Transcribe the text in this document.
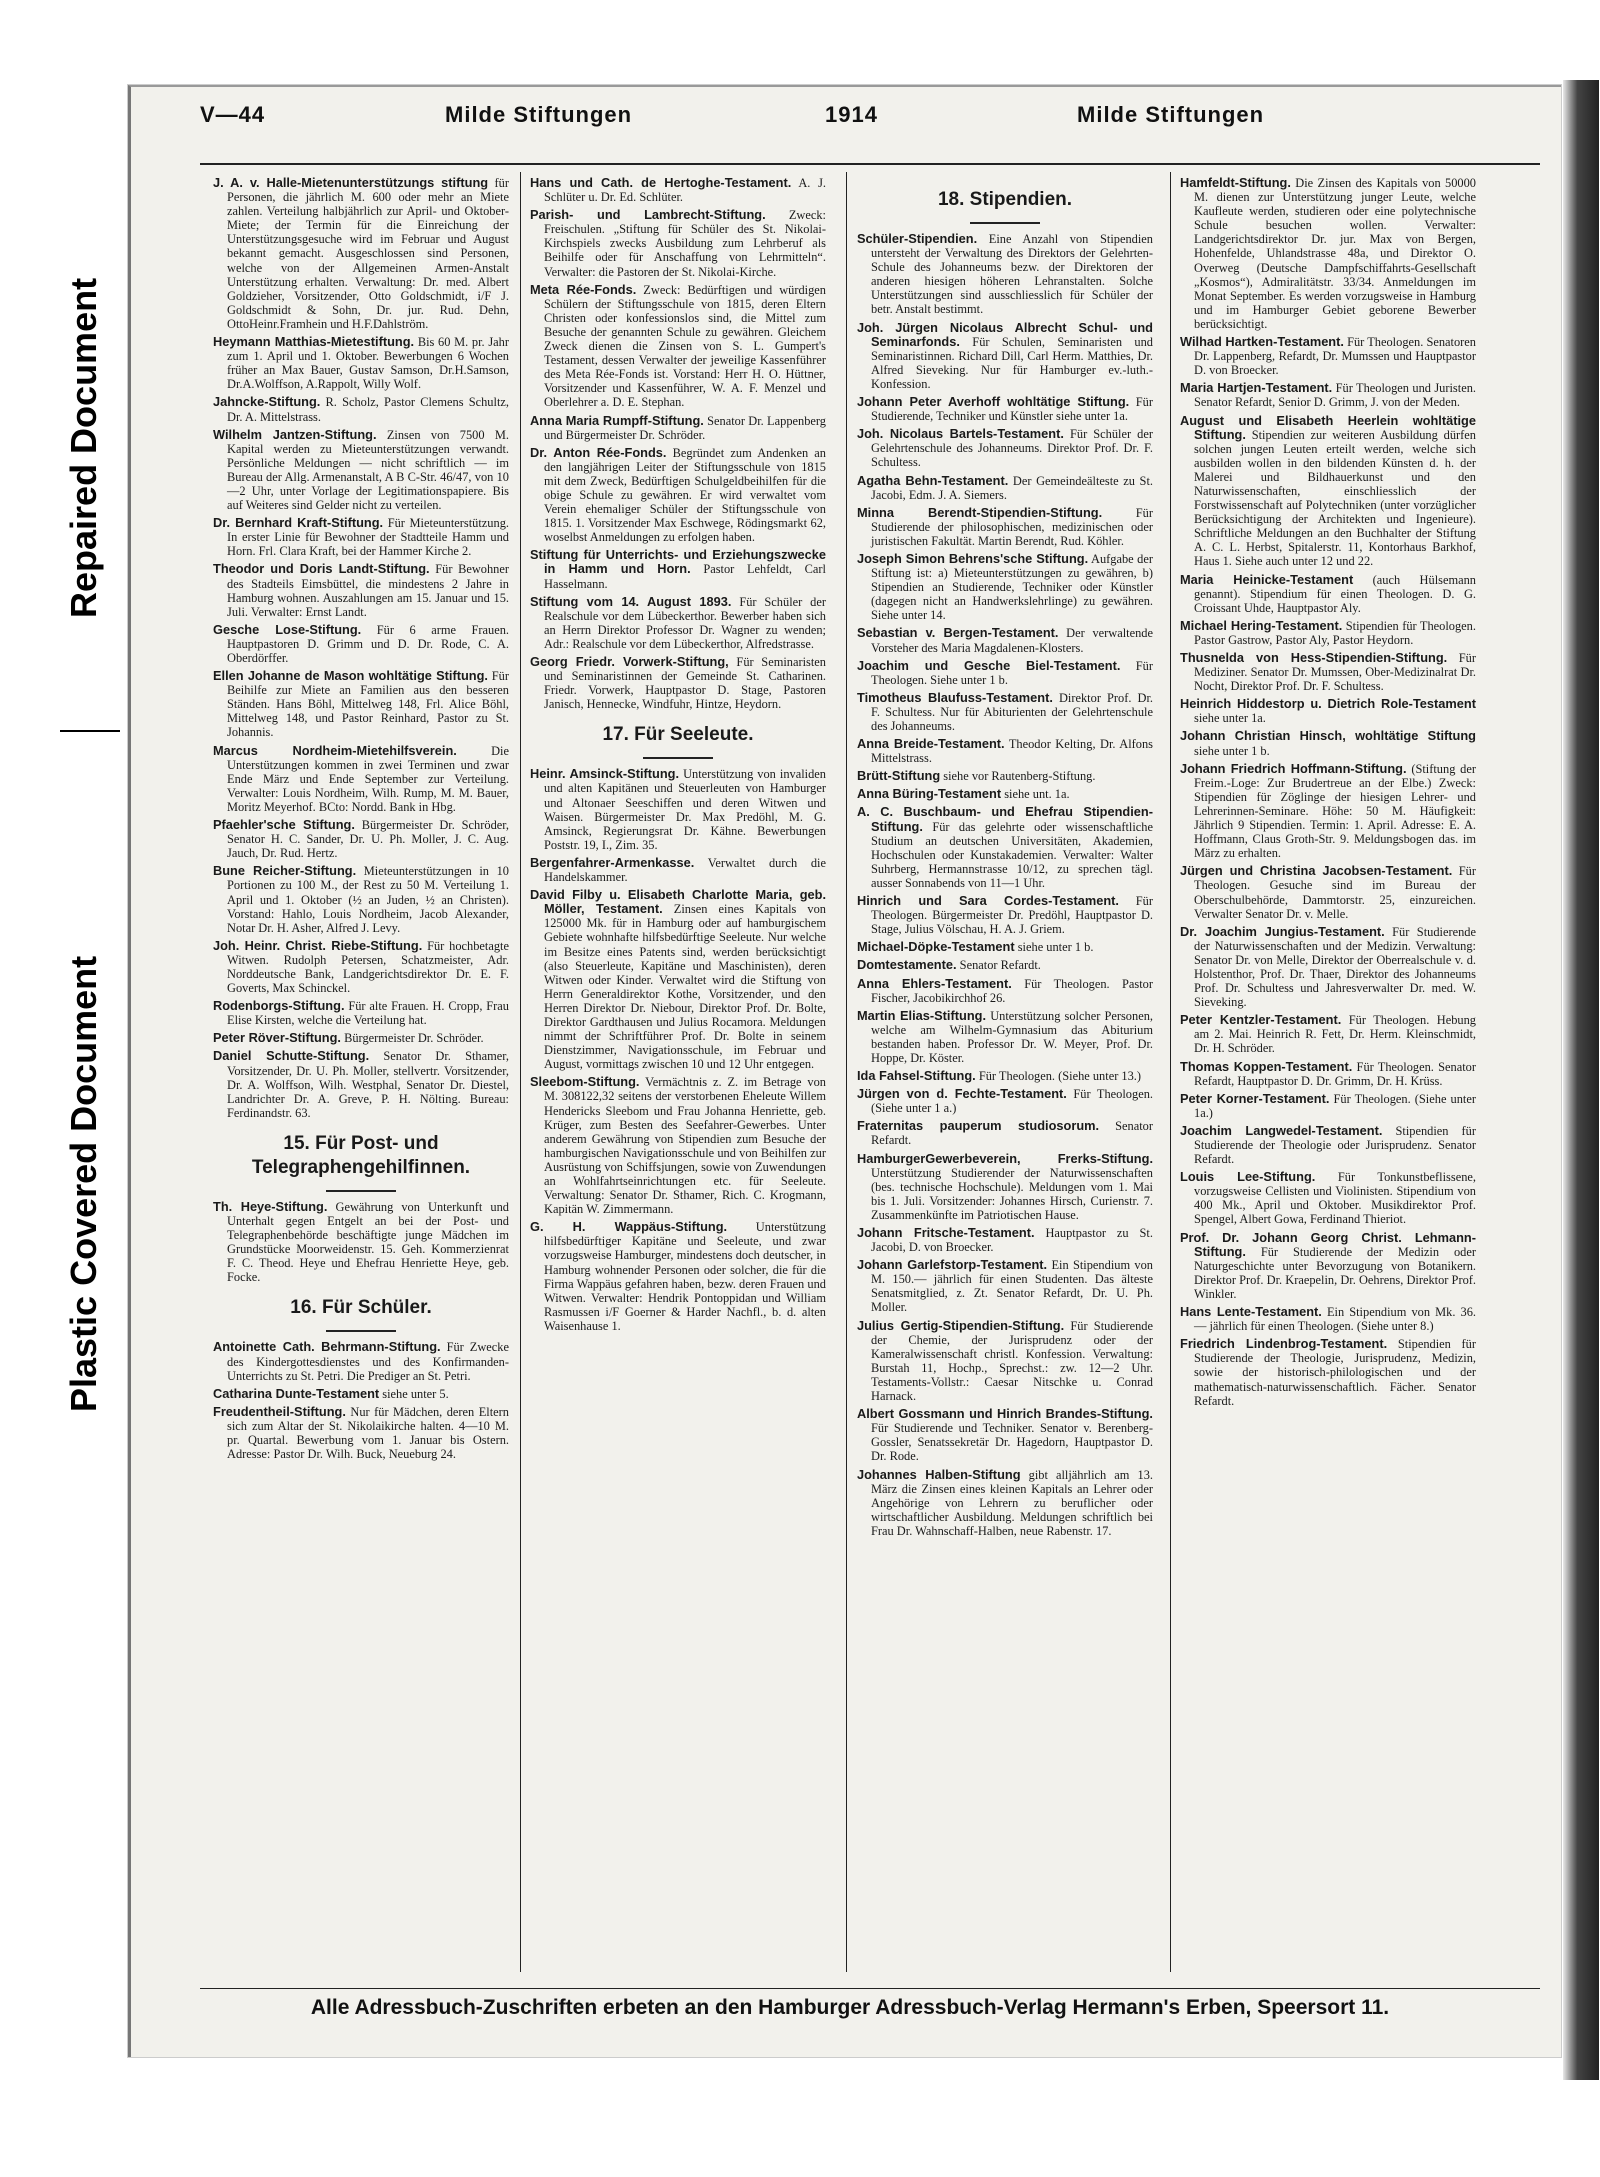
Repaired Document
Plastic Covered Document
V—44	Milde Stiftungen	1914	Milde Stiftungen
J. A. v. Halle-Mietenunterstützungs stiftung für Personen, die jährlich M. 600 oder mehr an Miete zahlen. Verteilung halbjährlich zur April- und Oktober-Miete; der Termin für die Einreichung der Unterstützungsgesuche wird im Februar und August bekannt gemacht. Ausgeschlossen sind Personen, welche von der Allgemeinen Armen-Anstalt Unterstützung erhalten. Verwaltung: Dr. med. Albert Goldzieher, Vorsitzender, Otto Goldschmidt, i/F J. Goldschmidt & Sohn, Dr. jur. Rud. Dehn, OttoHeinr.Framhein und H.F.Dahlström.
Heymann Matthias-Mietestiftung. Bis 60 M. pr. Jahr zum 1. April und 1. Oktober. Bewerbungen 6 Wochen früher an Max Bauer, Gustav Samson, Dr.H.Samson, Dr.A.Wolffson, A.Rappolt, Willy Wolf.
Jahncke-Stiftung. R. Scholz, Pastor Clemens Schultz, Dr. A. Mittelstrass.
Wilhelm Jantzen-Stiftung. Zinsen von 7500 M. Kapital werden zu Mieteunterstützungen verwandt. Persönliche Meldungen — nicht schriftlich — im Bureau der Allg. Armenanstalt, A B C-Str. 46/47, von 10—2 Uhr, unter Vorlage der Legitimationspapiere. Bis auf Weiteres sind Gelder nicht zu verteilen.
Dr. Bernhard Kraft-Stiftung. Für Mieteunterstützung. In erster Linie für Bewohner der Stadtteile Hamm und Horn. Frl. Clara Kraft, bei der Hammer Kirche 2.
Theodor und Doris Landt-Stiftung. Für Bewohner des Stadteils Eimsbüttel, die mindestens 2 Jahre in Hamburg wohnen. Auszahlungen am 15. Januar und 15. Juli. Verwalter: Ernst Landt.
Gesche Lose-Stiftung. Für 6 arme Frauen. Hauptpastoren D. Grimm und D. Dr. Rode, C. A. Oberdörffer.
Ellen Johanne de Mason wohltätige Stiftung. Für Beihilfe zur Miete an Familien aus den besseren Ständen. Hans Böhl, Mittelweg 148, Frl. Alice Böhl, Mittelweg 148, und Pastor Reinhard, Pastor zu St. Johannis.
Marcus Nordheim-Mietehilfsverein.	Die Unterstützungen kommen in zwei Terminen und zwar Ende März und Ende September zur Verteilung. Verwalter: Louis Nordheim, Wilh. Rump, M. M. Bauer, Moritz Meyerhof. BCto: Nordd. Bank in Hbg.
Pfaehler'sche Stiftung. Bürgermeister Dr. Schröder, Senator H. C. Sander, Dr. U. Ph. Moller, J. C. Aug. Jauch, Dr. Rud. Hertz.
Bune Reicher-Stiftung. Mieteunterstützungen in 10 Portionen zu 100 M., der Rest zu 50 M. Verteilung 1. April und 1. Oktober (½ an Juden, ½ an Christen). Vorstand: Hahlo, Louis Nordheim, Jacob Alexander, Notar Dr. H. Asher, Alfred J. Levy.
Joh. Heinr. Christ. Riebe-Stiftung. Für hochbetagte Witwen. Rudolph Petersen, Schatzmeister, Adr. Norddeutsche Bank, Landgerichtsdirektor Dr. E. F. Goverts, Max Schinckel.
Rodenborgs-Stiftung. Für alte Frauen. H. Cropp, Frau Elise Kirsten, welche die Verteilung hat.
Peter Röver-Stiftung. Bürgermeister Dr. Schröder.
Daniel Schutte-Stiftung. Senator Dr. Sthamer, Vorsitzender, Dr. U. Ph. Moller, stellvertr. Vorsitzender, Dr. A. Wolffson, Wilh. Westphal, Senator Dr. Diestel, Landrichter Dr. A. Greve, P. H. Nölting. Bureau: Ferdinandstr. 63.
15. Für Post- und Telegraphengehilfinnen.
Th. Heye-Stiftung. Gewährung von Unterkunft und Unterhalt gegen Entgelt an bei der Post- und Telegraphenbehörde beschäftigte junge Mädchen im Grundstücke Moorweidenstr. 15. Geh. Kommerzienrat F. C. Theod. Heye und Ehefrau Henriette Heye, geb. Focke.
16. Für Schüler.
Antoinette Cath. Behrmann-Stiftung. Für Zwecke des Kindergottesdienstes und des Konfirmanden-Unterrichts zu St. Petri. Die Prediger an St. Petri.
Catharina Dunte-Testament siehe unter 5.
Freudentheil-Stiftung. Nur für Mädchen, deren Eltern sich zum Altar der St. Nikolaikirche halten. 4—10 M. pr. Quartal. Bewerbung vom 1. Januar bis Ostern. Adresse: Pastor Dr. Wilh. Buck, Neueburg 24.
Hans und Cath. de Hertoghe-Testament. A. J. Schlüter u. Dr. Ed. Schlüter.
Parish- und Lambrecht-Stiftung. Zweck: Freischulen. „Stiftung für Schüler des St. Nikolai-Kirchspiels zwecks Ausbildung zum Lehrberuf als Beihilfe oder für Anschaffung von Lehrmitteln“. Verwalter: die Pastoren der St. Nikolai-Kirche.
Meta Rée-Fonds. Zweck: Bedürftigen und würdigen Schülern der Stiftungsschule von 1815, deren Eltern Christen oder konfessionslos sind, die Mittel zum Besuche der genannten Schule zu gewähren. Gleichem Zweck dienen die Zinsen von S. L. Gumpert's Testament, dessen Verwalter der jeweilige Kassenführer des Meta Rée-Fonds ist. Vorstand: Herr H. O. Hüttner, Vorsitzender und Kassenführer, W. A. F. Menzel und Oberlehrer a. D. E. Stephan.
Anna Maria Rumpff-Stiftung. Senator Dr. Lappenberg und Bürgermeister Dr. Schröder.
Dr. Anton Rée-Fonds. Begründet zum Andenken an den langjährigen Leiter der Stiftungsschule von 1815 mit dem Zweck, Bedürftigen Schulgeldbeihilfen für die obige Schule zu gewähren. Er wird verwaltet vom Verein ehemaliger Schüler der Stiftungsschule von 1815. 1. Vorsitzender Max Eschwege, Rödingsmarkt 62, woselbst Anmeldungen zu erfolgen haben.
Stiftung für Unterrichts- und Erziehungszwecke in Hamm und Horn. Pastor Lehfeldt, Carl Hasselmann.
Stiftung vom 14. August 1893. Für Schüler der Realschule vor dem Lübeckerthor. Bewerber haben sich an Herrn Direktor Professor Dr. Wagner zu wenden; Adr.: Realschule vor dem Lübeckerthor, Alfredstrasse.
Georg Friedr. Vorwerk-Stiftung, Für Seminaristen und Seminaristinnen der Gemeinde St. Catharinen. Friedr. Vorwerk, Hauptpastor D. Stage, Pastoren Janisch, Hennecke, Windfuhr, Hintze, Heydorn.
17. Für Seeleute.
Heinr. Amsinck-Stiftung. Unterstützung von invaliden und alten Kapitänen und Steuerleuten von Hamburger und Altonaer Seeschiffen und deren Witwen und Waisen. Bürgermeister Dr. Max Predöhl, M. G. Amsinck, Regierungsrat Dr. Kähne. Bewerbungen Poststr. 19, I., Zim. 35.
Bergenfahrer-Armenkasse. Verwaltet durch die Handelskammer.
David Filby u. Elisabeth Charlotte Maria, geb. Möller, Testament. Zinsen eines Kapitals von 125000 Mk. für in Hamburg oder auf hamburgischem Gebiete wohnhafte hilfsbedürftige Seeleute. Nur welche im Besitze eines Patents sind, werden berücksichtigt (also Steuerleute, Kapitäne und Maschinisten), deren Witwen oder Kinder. Verwaltet wird die Stiftung von Herrn Generaldirektor Kothe, Vorsitzender, und den Herren Direktor Dr. Niebour, Direktor Prof. Dr. Bolte, Direktor Gardthausen und Julius Rocamora. Meldungen nimmt der Schriftführer Prof. Dr. Bolte in seinem Dienstzimmer, Navigationsschule, im Februar und August, vormittags zwischen 10 und 12 Uhr entgegen.
Sleebom-Stiftung. Vermächtnis z. Z. im Betrage von M. 308122,32 seitens der verstorbenen Eheleute Willem Hendericks Sleebom und Frau Johanna Henriette, geb. Krüger, zum Besten des Seefahrer-Gewerbes. Unter anderem Gewährung von Stipendien zum Besuche der hamburgischen Navigationsschule und von Beihilfen zur Ausrüstung von Schiffsjungen, sowie von Zuwendungen an Wohlfahrtseinrichtungen etc. für Seeleute. Verwaltung: Senator Dr. Sthamer, Rich. C. Krogmann, Kapitän W. Zimmermann.
G. H. Wappäus-Stiftung. Unterstützung hilfsbedürftiger Kapitäne und Seeleute, und zwar vorzugsweise Hamburger, mindestens doch deutscher, in Hamburg wohnender Personen oder solcher, die für die Firma Wappäus gefahren haben, bezw. deren Frauen und Witwen. Verwalter: Hendrik Pontoppidan und William Rasmussen i/F Goerner & Harder Nachfl., b. d. alten Waisenhause 1.
18. Stipendien.
Schüler-Stipendien. Eine Anzahl von Stipendien untersteht der Verwaltung des Direktors der Gelehrten-Schule des Johanneums bezw. der Direktoren der anderen hiesigen höheren Lehranstalten. Solche Unterstützungen sind ausschliesslich für Schüler der betr. Anstalt bestimmt.
Joh. Jürgen Nicolaus Albrecht Schul- und Seminarfonds. Für Schulen, Seminaristen und Seminaristinnen. Richard Dill, Carl Herm. Matthies, Dr. Alfred Sieveking. Nur für Hamburger ev.-luth.-Konfession.
Johann Peter Averhoff wohltätige Stiftung. Für Studierende, Techniker und Künstler siehe unter 1a.
Joh. Nicolaus Bartels-Testament. Für Schüler der Gelehrtenschule des Johanneums. Direktor Prof. Dr. F. Schultess.
Agatha Behn-Testament. Der Gemeindeälteste zu St. Jacobi, Edm. J. A. Siemers.
Minna Berendt-Stipendien-Stiftung.	Für Studierende der philosophischen, medizinischen oder juristischen Fakultät. Martin Berendt, Rud. Köhler.
Joseph Simon Behrens'sche Stiftung. Aufgabe der Stiftung ist: a) Mieteunterstützungen zu gewähren, b) Stipendien an Studierende, Techniker oder Künstler (dagegen nicht an Handwerkslehrlinge) zu gewähren. Siehe unter 14.
Sebastian v. Bergen-Testament. Der verwaltende Vorsteher des Maria Magdalenen-Klosters.
Joachim und Gesche Biel-Testament. Für Theologen. Siehe unter 1 b.
Timotheus Blaufuss-Testament. Direktor Prof. Dr. F. Schultess. Nur für Abiturienten der Gelehrtenschule des Johanneums.
Anna Breide-Testament. Theodor Kelting, Dr. Alfons Mittelstrass.
Brütt-Stiftung siehe vor Rautenberg-Stiftung.
Anna Büring-Testament siehe unt. 1a.
A. C. Buschbaum- und Ehefrau Stipendien-Stiftung. Für das gelehrte oder wissenschaftliche Studium an deutschen Universitäten, Akademien, Hochschulen oder Kunstakademien. Verwalter: Walter Suhrberg, Hermannstrasse 10/12, zu sprechen tägl. ausser Sonnabends von 11—1 Uhr.
Hinrich und Sara Cordes-Testament. Für Theologen. Bürgermeister Dr. Predöhl, Hauptpastor D. Stage, Julius Völschau, H. A. J. Griem.
Michael-Döpke-Testament siehe unter 1 b.
Domtestamente. Senator Refardt.
Anna Ehlers-Testament. Für Theologen. Pastor Fischer, Jacobikirchhof 26.
Martin Elias-Stiftung. Unterstützung solcher Personen, welche am Wilhelm-Gymnasium das Abiturium bestanden haben. Professor Dr. W. Meyer, Prof. Dr. Hoppe, Dr. Köster.
Ida Fahsel-Stiftung. Für Theologen. (Siehe unter 13.)
Jürgen von d. Fechte-Testament. Für Theologen. (Siehe unter 1 a.)
Fraternitas pauperum studiosorum. Senator Refardt.
HamburgerGewerbeverein, Frerks-Stiftung. Unterstützung Studierender der Naturwissenschaften (bes. technische Hochschule). Meldungen vom 1. Mai bis 1. Juli. Vorsitzender: Johannes Hirsch, Curienstr. 7. Zusammenkünfte im Patriotischen Hause.
Johann Fritsche-Testament. Hauptpastor zu St. Jacobi, D. von Broecker.
Johann Garlefstorp-Testament. Ein Stipendium von M. 150.— jährlich für einen Studenten. Das älteste Senatsmitglied, z. Zt. Senator Refardt, Dr. U. Ph. Moller.
Julius Gertig-Stipendien-Stiftung. Für Studierende der Chemie, der Jurisprudenz oder der Kameralwissenschaft christl. Konfession. Verwaltung: Burstah 11, Hochp., Sprechst.: zw. 12—2 Uhr. Testaments-Vollstr.: Caesar Nitschke u. Conrad Harnack.
Albert Gossmann und Hinrich Brandes-Stiftung. Für Studierende und Techniker. Senator v. Berenberg-Gossler, Senatssekretär Dr. Hagedorn, Hauptpastor D. Dr. Rode.
Johannes Halben-Stiftung gibt alljährlich am 13. März die Zinsen eines kleinen Kapitals an Lehrer oder Angehörige von Lehrern zu beruflicher oder wirtschaftlicher Ausbildung. Meldungen schriftlich bei Frau Dr. Wahnschaff-Halben, neue Rabenstr. 17.
Hamfeldt-Stiftung. Die Zinsen des Kapitals von 50000 M. dienen zur Unterstützung junger Leute, welche Kaufleute werden, studieren oder eine polytechnische Schule besuchen wollen. Verwalter: Landgerichtsdirektor Dr. jur. Max von Bergen, Hohenfelde, Uhlandstrasse 48a, und Direktor O. Overweg (Deutsche Dampfschiffahrts-Gesellschaft „Kosmos“), Admiralitätstr. 33/34. Anmeldungen im Monat September. Es werden vorzugsweise in Hamburg und im Hamburger Gebiet geborene Bewerber berücksichtigt.
Wilhad Hartken-Testament. Für Theologen. Senatoren Dr. Lappenberg, Refardt, Dr. Mumssen und Hauptpastor D. von Broecker.
Maria Hartjen-Testament. Für Theologen und Juristen. Senator Refardt, Senior D. Grimm, J. von der Meden.
August und Elisabeth Heerlein wohltätige Stiftung. Stipendien zur weiteren Ausbildung dürfen solchen jungen Leuten erteilt werden, welche sich ausbilden wollen in den bildenden Künsten d. h. der Malerei und Bildhauerkunst und den Naturwissenschaften, einschliesslich der Forstwissenschaft auf Polytechniken (unter vorzüglicher Berücksichtigung der Architekten und Ingenieure). Schriftliche Meldungen an den Buchhalter der Stiftung A. C. L. Herbst, Spitalerstr. 11, Kontorhaus Barkhof, Haus 1. Siehe auch unter 12 und 22.
Maria Heinicke-Testament (auch Hülsemann genannt). Stipendium für einen Theologen. D. G. Croissant Uhde, Hauptpastor Aly.
Michael Hering-Testament. Stipendien für Theologen. Pastor Gastrow, Pastor Aly, Pastor Heydorn.
Thusnelda von Hess-Stipendien-Stiftung. Für Mediziner. Senator Dr. Mumssen, Ober-Medizinalrat Dr. Nocht, Direktor Prof. Dr. F. Schultess.
Heinrich Hiddestorp u. Dietrich Role-Testament siehe unter 1a.
Johann Christian Hinsch, wohltätige Stiftung siehe unter 1 b.
Johann Friedrich Hoffmann-Stiftung. (Stiftung der Freim.-Loge: Zur Brudertreue an der Elbe.) Zweck: Stipendien für Zöglinge der hiesigen Lehrer- und Lehrerinnen-Seminare. Höhe: 50 M. Häufigkeit: Jährlich 9 Stipendien. Termin: 1. April. Adresse: E. A. Hoffmann, Claus Groth-Str. 9. Meldungsbogen das. im März zu erhalten.
Jürgen und Christina Jacobsen-Testament. Für Theologen. Gesuche sind im Bureau der Oberschulbehörde, Dammtorstr. 25, einzureichen. Verwalter Senator Dr. v. Melle.
Dr. Joachim Jungius-Testament. Für Studierende der Naturwissenschaften und der Medizin. Verwaltung: Senator Dr. von Melle, Direktor der Oberrealschule v. d. Holstenthor, Prof. Dr. Thaer, Direktor des Johanneums Prof. Dr. Schultess und Jahresverwalter Dr. med. W. Sieveking.
Peter Kentzler-Testament. Für Theologen. Hebung am 2. Mai. Heinrich R. Fett, Dr. Herm. Kleinschmidt, Dr. H. Schröder.
Thomas Koppen-Testament. Für Theologen. Senator Refardt, Hauptpastor D. Dr. Grimm, Dr. H. Krüss.
Peter Korner-Testament. Für Theologen. (Siehe unter 1a.)
Joachim Langwedel-Testament. Stipendien für Studierende der Theologie oder Jurisprudenz. Senator Refardt.
Louis Lee-Stiftung. Für Tonkunstbeflissene, vorzugsweise Cellisten und Violinisten. Stipendium von 400 Mk., April und Oktober. Musikdirektor Prof. Spengel, Albert Gowa, Ferdinand Thieriot.
Prof. Dr. Johann Georg Christ. Lehmann-Stiftung. Für Studierende der Medizin oder Naturgeschichte unter Bevorzugung von Botanikern. Direktor Prof. Dr. Kraepelin, Dr. Oehrens, Direktor Prof. Winkler.
Hans Lente-Testament. Ein Stipendium von Mk. 36.— jährlich für einen Theologen. (Siehe unter 8.)
Friedrich Lindenbrog-Testament. Stipendien für Studierende der Theologie, Jurisprudenz, Medizin, sowie der historisch-philologischen und der mathematisch-naturwissenschaftlich. Fächer. Senator Refardt.
Alle Adressbuch-Zuschriften erbeten an den Hamburger Adressbuch-Verlag Hermann's Erben, Speersort 11.
